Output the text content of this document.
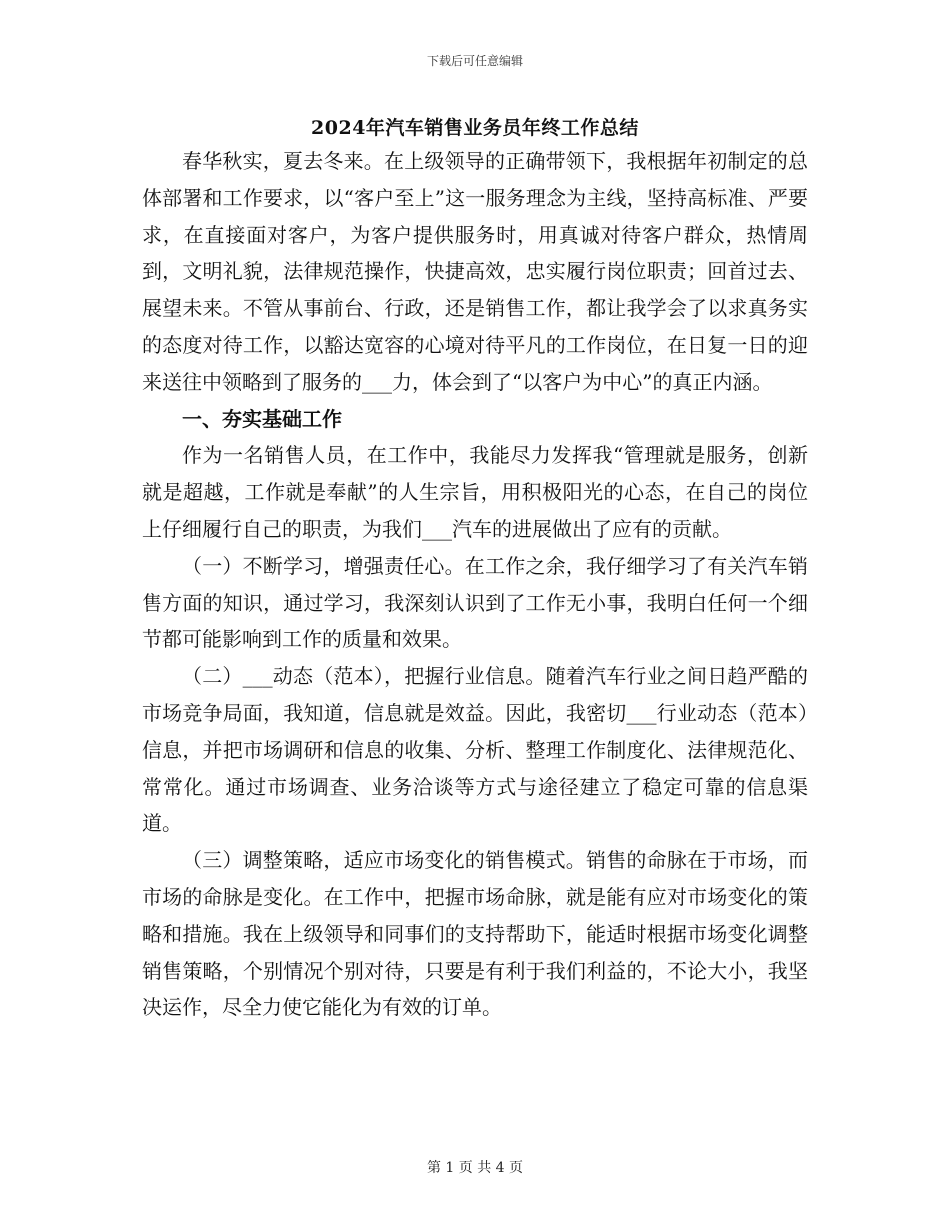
下载后可任意编辑
2024年汽车销售业务员年终工作总结

春华秋实，夏去冬来。在上级领导的正确带领下，我根据年初制定的总体部署和工作要求，以“客户至上”这一服务理念为主线，坚持高标准、严要求，在直接面对客户，为客户提供服务时，用真诚对待客户群众，热情周到，文明礼貌，法律规范操作，快捷高效，忠实履行岗位职责；回首过去、展望未来。不管从事前台、行政，还是销售工作，都让我学会了以求真务实的态度对待工作，以豁达宽容的心境对待平凡的工作岗位，在日复一日的迎来送往中领略到了服务的___力，体会到了“以客户为中心”的真正内涵。

一、夯实基础工作

作为一名销售人员，在工作中，我能尽力发挥我“管理就是服务，创新就是超越，工作就是奉献”的人生宗旨，用积极阳光的心态，在自己的岗位上仔细履行自己的职责，为我们___汽车的进展做出了应有的贡献。

（一）不断学习，增强责任心。在工作之余，我仔细学习了有关汽车销售方面的知识，通过学习，我深刻认识到了工作无小事，我明白任何一个细节都可能影响到工作的质量和效果。

（二）___动态（范本），把握行业信息。随着汽车行业之间日趋严酷的市场竞争局面，我知道，信息就是效益。因此，我密切___行业动态（范本）信息，并把市场调研和信息的收集、分析、整理工作制度化、法律规范化、常常化。通过市场调查、业务洽谈等方式与途径建立了稳定可靠的信息渠道。

（三）调整策略，适应市场变化的销售模式。销售的命脉在于市场，而市场的命脉是变化。在工作中，把握市场命脉，就是能有应对市场变化的策略和措施。我在上级领导和同事们的支持帮助下，能适时根据市场变化调整销售策略，个别情况个别对待，只要是有利于我们利益的，不论大小，我坚决运作，尽全力使它能化为有效的订单。

第 1 页 共 4 页
